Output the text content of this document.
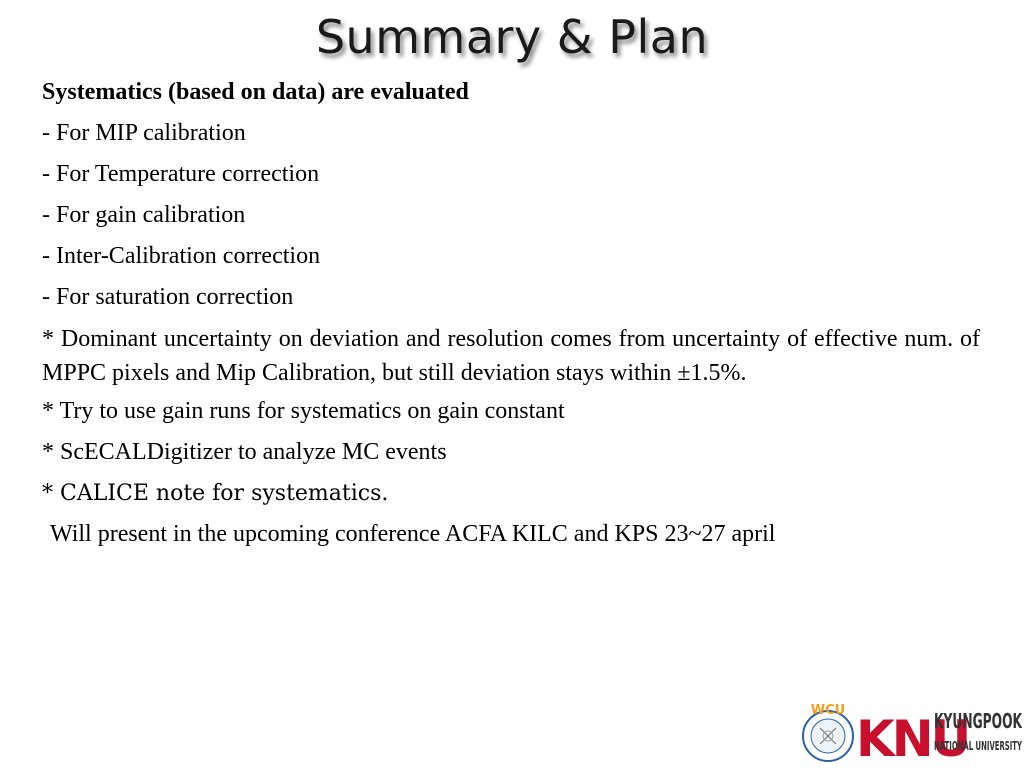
Summary & Plan

Systematics (based on data) are evaluated

- For MIP calibration

- For Temperature correction

- For gain calibration

- Inter-Calibration correction

- For saturation correction

* Dominant uncertainty on deviation and resolution comes from uncertainty of effective num. of MPPC pixels and Mip Calibration, but still deviation stays within ±1.5%.

* Try to use gain runs for systematics on gain constant

* ScECALDigitizer to analyze MC events

* CALICE note for systematics.

Will present in the upcoming conference ACFA KILC and KPS 23~27 april

WCU KNU
KYUNGPOOK
NATIONAL UNIVERSITY
